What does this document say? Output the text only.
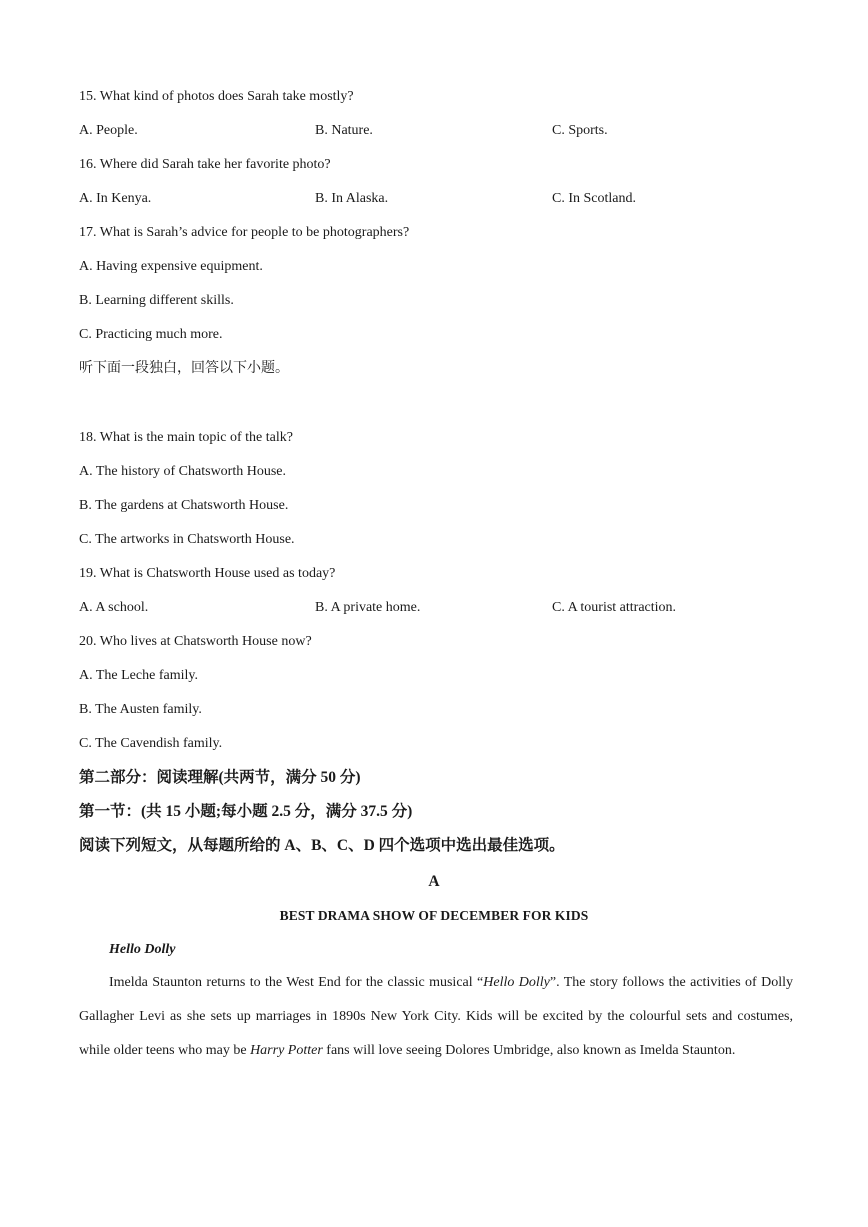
15. What kind of photos does Sarah take mostly?
A. People.	B. Nature.	C. Sports.
16. Where did Sarah take her favorite photo?
A. In Kenya.	B. In Alaska.	C. In Scotland.
17. What is Sarah’s advice for people to be photographers?
A. Having expensive equipment.
B. Learning different skills.
C. Practicing much more.
听下面一段独白，回答以下小题。
18. What is the main topic of the talk?
A. The history of Chatsworth House.
B. The gardens at Chatsworth House.
C. The artworks in Chatsworth House.
19. What is Chatsworth House used as today?
A. A school.	B. A private home.	C. A tourist attraction.
20. Who lives at Chatsworth House now?
A. The Leche family.
B. The Austen family.
C. The Cavendish family.
第二部分：阅读理解(共两节，满分 50 分)
第一节：(共 15 小题;每小题 2.5 分，满分 37.5 分)
阅读下列短文，从每题所给的 A、B、C、D 四个选项中选出最佳选项。
A
BEST DRAMA SHOW OF DECEMBER FOR KIDS
Hello Dolly
Imelda Staunton returns to the West End for the classic musical “Hello Dolly”. The story follows the activities of Dolly Gallagher Levi as she sets up marriages in 1890s New York City. Kids will be excited by the colourful sets and costumes, while older teens who may be Harry Potter fans will love seeing Dolores Umbridge, also known as Imelda Staunton.
